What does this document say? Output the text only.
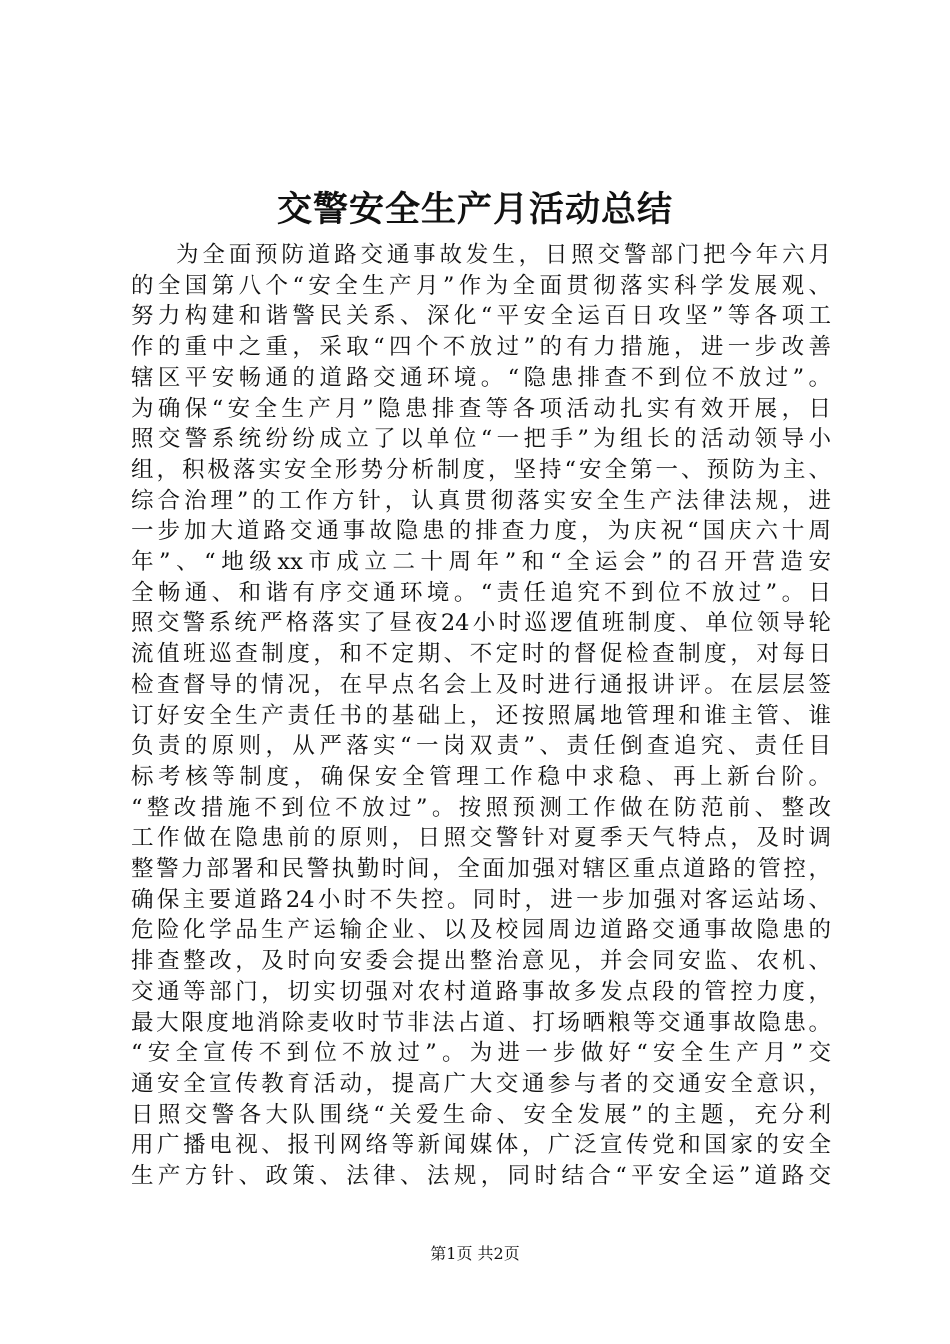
交警安全生产月活动总结
为全面预防道路交通事故发生，日照交警部门把今年六月
的全国第八个“安全生产月”作为全面贯彻落实科学发展观、
努力构建和谐警民关系、深化“平安全运百日攻坚”等各项工
作的重中之重，采取“四个不放过”的有力措施，进一步改善
辖区平安畅通的道路交通环境。“隐患排查不到位不放过”。
为确保“安全生产月”隐患排查等各项活动扎实有效开展，日
照交警系统纷纷成立了以单位“一把手”为组长的活动领导小
组，积极落实安全形势分析制度，坚持“安全第一、预防为主、
综合治理”的工作方针，认真贯彻落实安全生产法律法规，进
一步加大道路交通事故隐患的排查力度，为庆祝“国庆六十周
年”、“地级xx市成立二十周年”和“全运会”的召开营造安
全畅通、和谐有序交通环境。“责任追究不到位不放过”。日
照交警系统严格落实了昼夜24小时巡逻值班制度、单位领导轮
流值班巡查制度，和不定期、不定时的督促检查制度，对每日
检查督导的情况，在早点名会上及时进行通报讲评。在层层签
订好安全生产责任书的基础上，还按照属地管理和谁主管、谁
负责的原则，从严落实“一岗双责”、责任倒查追究、责任目
标考核等制度，确保安全管理工作稳中求稳、再上新台阶。
“整改措施不到位不放过”。按照预测工作做在防范前、整改
工作做在隐患前的原则，日照交警针对夏季天气特点，及时调
整警力部署和民警执勤时间，全面加强对辖区重点道路的管控，
确保主要道路24小时不失控。同时，进一步加强对客运站场、
危险化学品生产运输企业、以及校园周边道路交通事故隐患的
排查整改，及时向安委会提出整治意见，并会同安监、农机、
交通等部门，切实切强对农村道路事故多发点段的管控力度，
最大限度地消除麦收时节非法占道、打场晒粮等交通事故隐患。
“安全宣传不到位不放过”。为进一步做好“安全生产月”交
通安全宣传教育活动，提高广大交通参与者的交通安全意识，
日照交警各大队围绕“关爱生命、安全发展”的主题，充分利
用广播电视、报刊网络等新闻媒体，广泛宣传党和国家的安全
生产方针、政策、法律、法规，同时结合“平安全运”道路交
第1页 共2页
